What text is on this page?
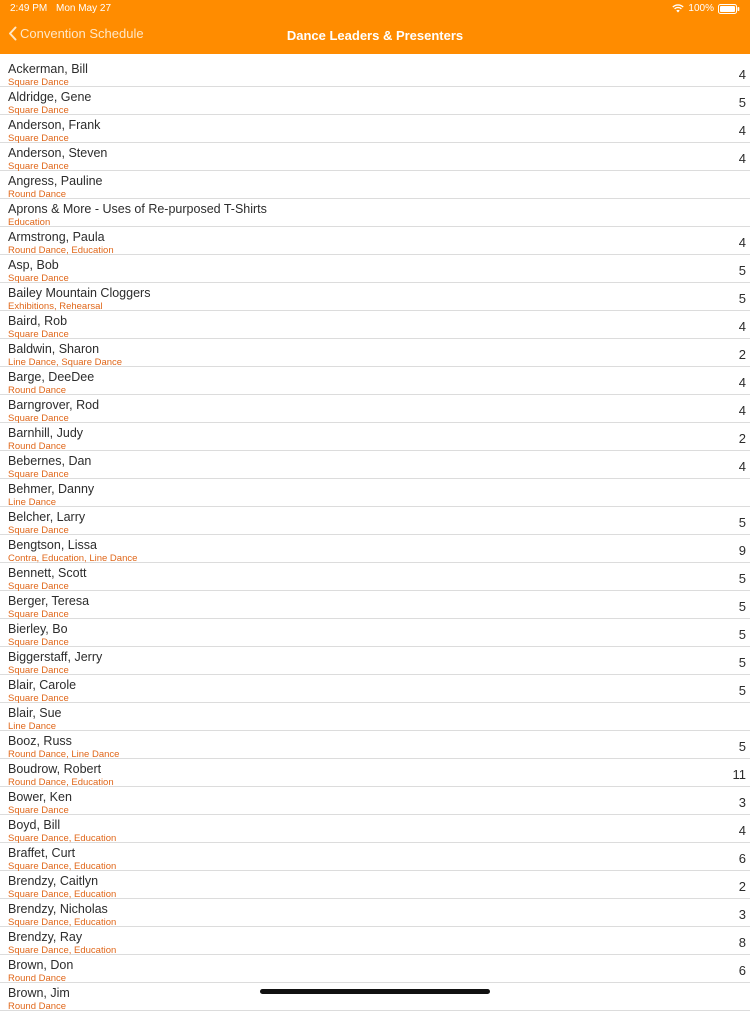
2:49 PM Mon May 27	100%
Convention Schedule	Dance Leaders & Presenters
Ackerman, Bill
Square Dance
4
Aldridge, Gene
Square Dance
5
Anderson, Frank
Square Dance
4
Anderson, Steven
Square Dance
4
Angress, Pauline
Round Dance
Aprons & More - Uses of Re-purposed T-Shirts
Education
Armstrong, Paula
Round Dance, Education
4
Asp, Bob
Square Dance
5
Bailey Mountain Cloggers
Exhibitions, Rehearsal
5
Baird, Rob
Square Dance
4
Baldwin, Sharon
Line Dance, Square Dance
2
Barge, DeeDee
Round Dance
4
Barngrover, Rod
Square Dance
4
Barnhill, Judy
Round Dance
2
Bebernes, Dan
Square Dance
4
Behmer, Danny
Line Dance
Belcher, Larry
Square Dance
5
Bengtson, Lissa
Contra, Education, Line Dance
9
Bennett, Scott
Square Dance
5
Berger, Teresa
Square Dance
5
Bierley, Bo
Square Dance
5
Biggerstaff, Jerry
Square Dance
5
Blair, Carole
Square Dance
5
Blair, Sue
Line Dance
Booz, Russ
Round Dance, Line Dance
5
Boudrow, Robert
Round Dance, Education
11
Bower, Ken
Square Dance
3
Boyd, Bill
Square Dance, Education
4
Braffet, Curt
Square Dance, Education
6
Brendzy, Caitlyn
Square Dance, Education
2
Brendzy, Nicholas
Square Dance, Education
3
Brendzy, Ray
Square Dance, Education
8
Brown, Don
Round Dance
6
Brown, Jim
Round Dance
